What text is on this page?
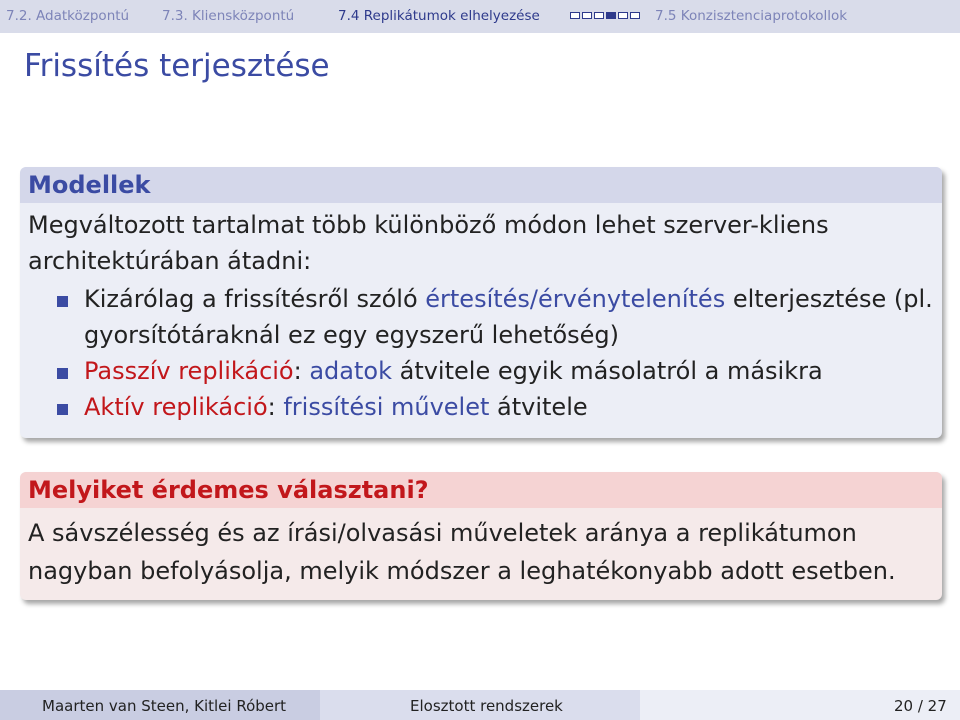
7.2. Adatközpontú 7.3. Kliensközpontú	7.4 Replikátumok elhelyezése	7.5 Konzisztenciaprotokollok
Frissítés terjesztése
Modellek
Megváltozott tartalmat több különböző módon lehet szerver-kliens architektúrában átadni:
Kizárólag a frissítésről szóló értesítés/érvénytelenítés elterjesztése (pl. gyorsítótáraknál ez egy egyszerű lehetőség)
Passzív replikáció: adatok átvitele egyik másolatról a másikra
Aktív replikáció: frissítési művelet átvitele
Melyiket érdemes választani?
A sávszélesség és az írási/olvasási műveletek aránya a replikátumon nagyban befolyásolja, melyik módszer a leghatékonyabb adott esetben.
Maarten van Steen, Kitlei Róbert	Elosztott rendszerek	20 / 27
